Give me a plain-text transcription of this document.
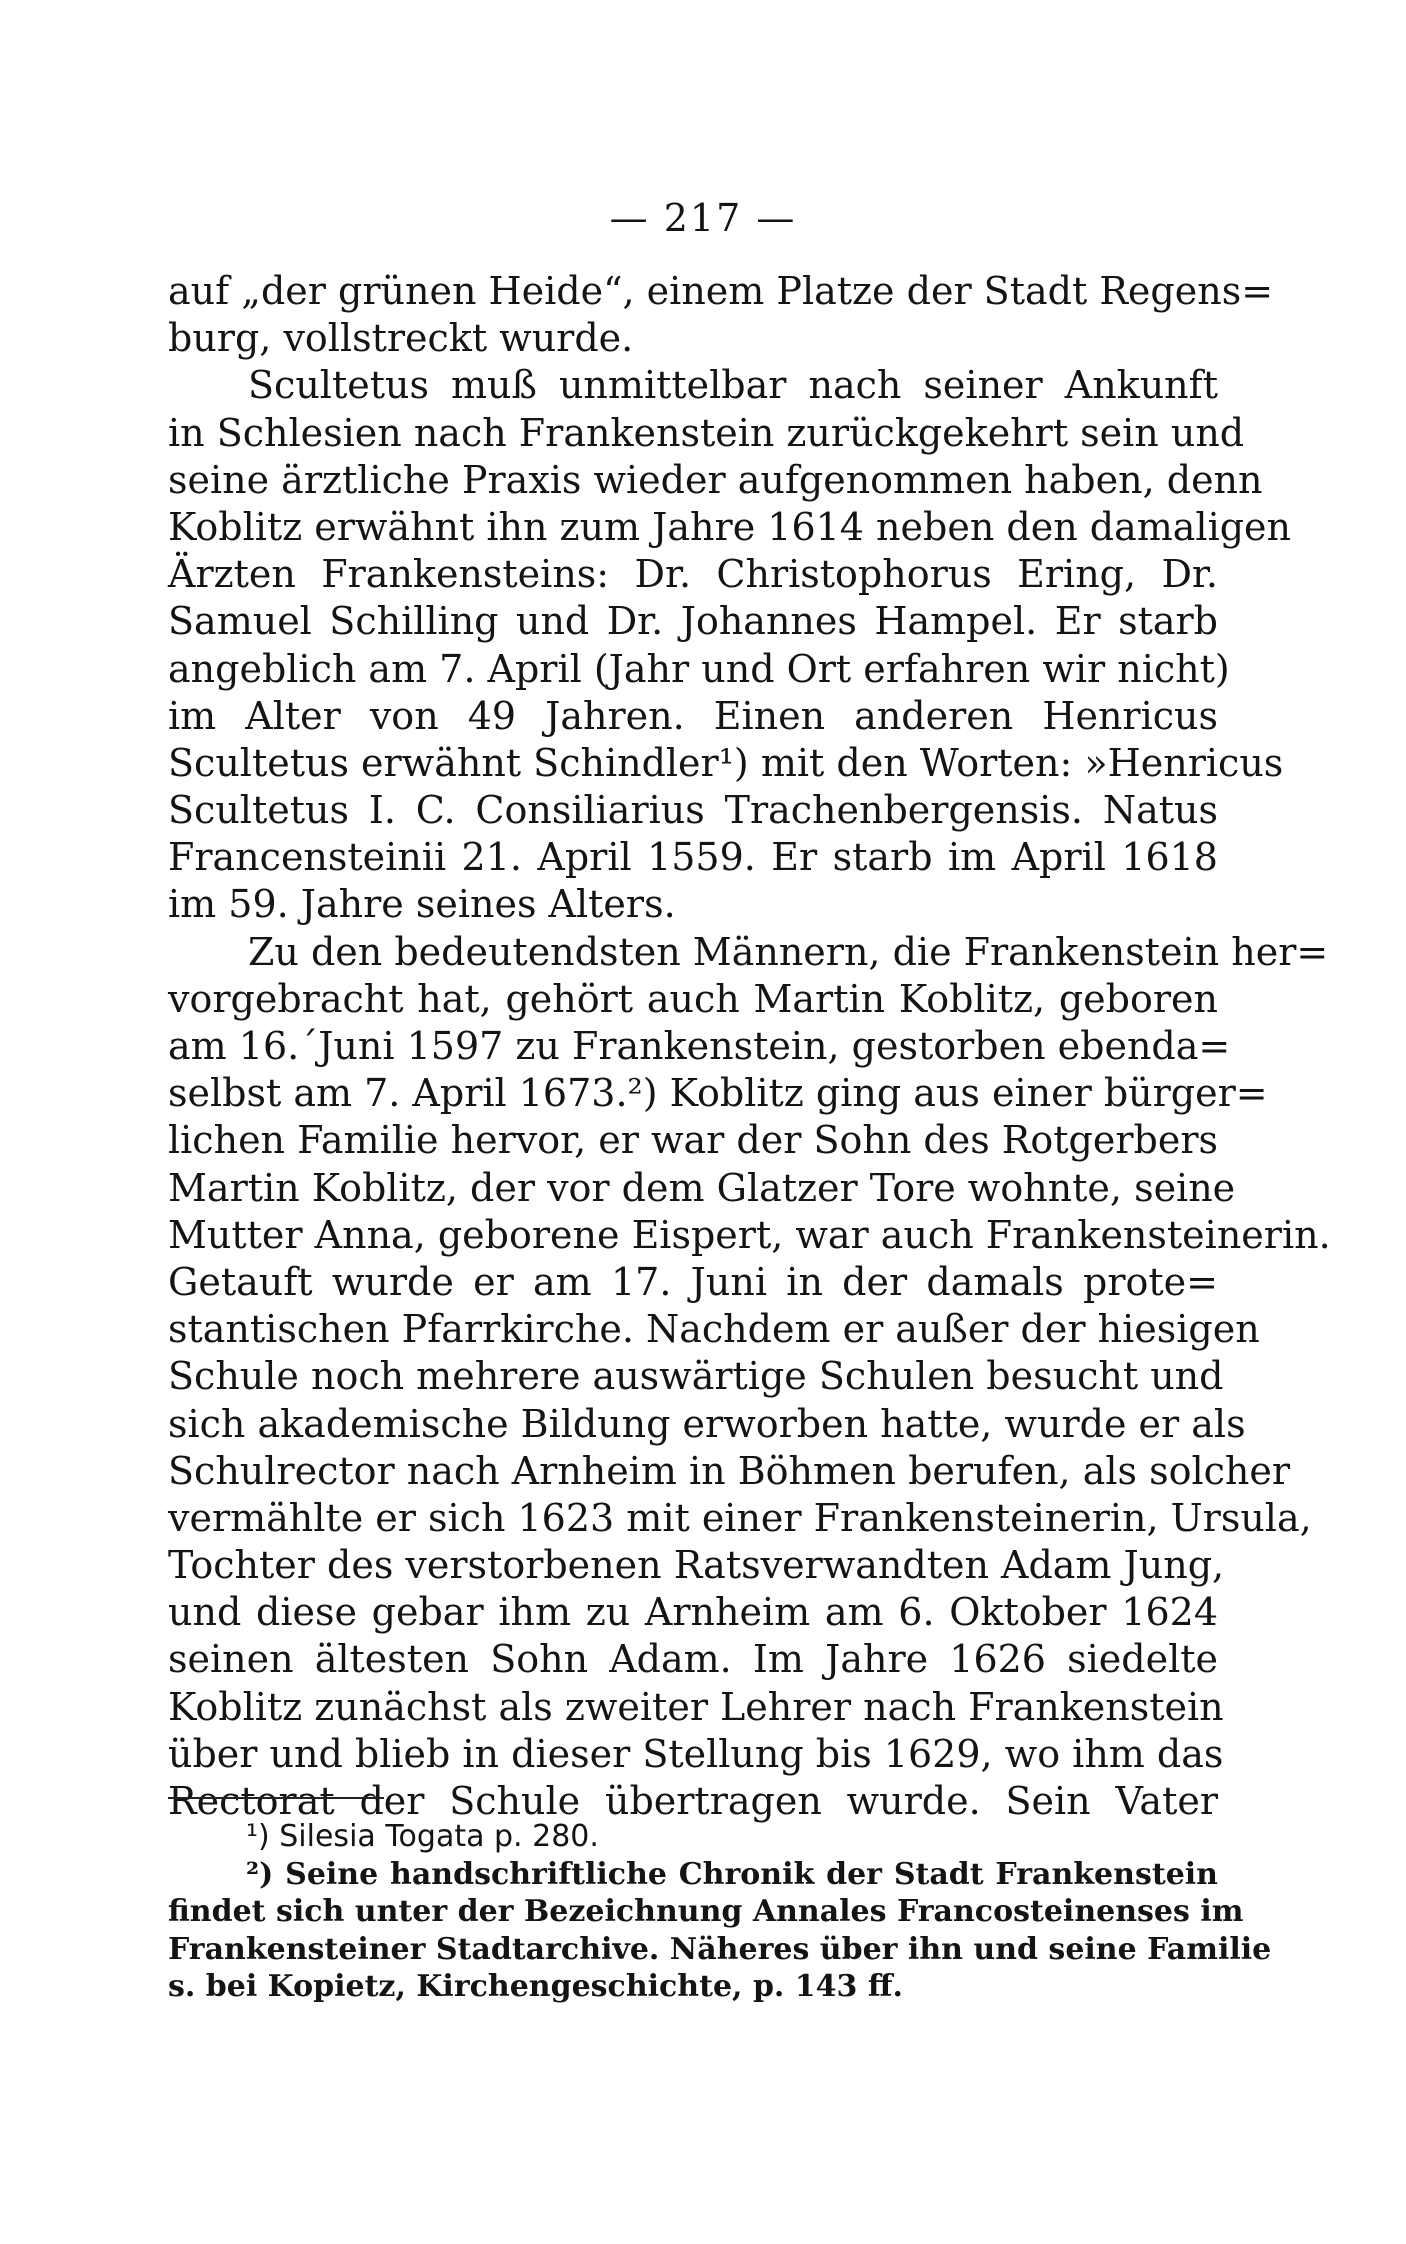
— 217 —
auf „der grünen Heide“, einem Platze der Stadt Regens=
burg, vollstreckt wurde.
Scultetus muß unmittelbar nach seiner Ankunft
in Schlesien nach Frankenstein zurückgekehrt sein und
seine ärztliche Praxis wieder aufgenommen haben, denn
Koblitz erwähnt ihn zum Jahre 1614 neben den damaligen
Ärzten Frankensteins: Dr. Christophorus Ering, Dr.
Samuel Schilling und Dr. Johannes Hampel. Er starb
angeblich am 7. April (Jahr und Ort erfahren wir nicht)
im Alter von 49 Jahren. Einen anderen Henricus
Scultetus erwähnt Schindler¹) mit den Worten: »Henricus
Scultetus I. C. Consiliarius Trachenbergensis. Natus
Francensteinii 21. April 1559. Er starb im April 1618
im 59. Jahre seines Alters.
Zu den bedeutendsten Männern, die Frankenstein her=
vorgebracht hat, gehört auch Martin Koblitz, geboren
am 16.´Juni 1597 zu Frankenstein, gestorben ebenda=
selbst am 7. April 1673.²) Koblitz ging aus einer bürger=
lichen Familie hervor, er war der Sohn des Rotgerbers
Martin Koblitz, der vor dem Glatzer Tore wohnte, seine
Mutter Anna, geborene Eispert, war auch Frankensteinerin.
Getauft wurde er am 17. Juni in der damals prote=
stantischen Pfarrkirche. Nachdem er außer der hiesigen
Schule noch mehrere auswärtige Schulen besucht und
sich akademische Bildung erworben hatte, wurde er als
Schulrector nach Arnheim in Böhmen berufen, als solcher
vermählte er sich 1623 mit einer Frankensteinerin, Ursula,
Tochter des verstorbenen Ratsverwandten Adam Jung,
und diese gebar ihm zu Arnheim am 6. Oktober 1624
seinen ältesten Sohn Adam. Im Jahre 1626 siedelte
Koblitz zunächst als zweiter Lehrer nach Frankenstein
über und blieb in dieser Stellung bis 1629, wo ihm das
Rectorat der Schule übertragen wurde. Sein Vater
¹) Silesia Togata p. 280.
²) Seine handschriftliche Chronik der Stadt Frankenstein
findet sich unter der Bezeichnung Annales Francosteinenses im
Frankensteiner Stadtarchive. Näheres über ihn und seine Familie
s. bei Kopietz, Kirchengeschichte, p. 143 ff.
